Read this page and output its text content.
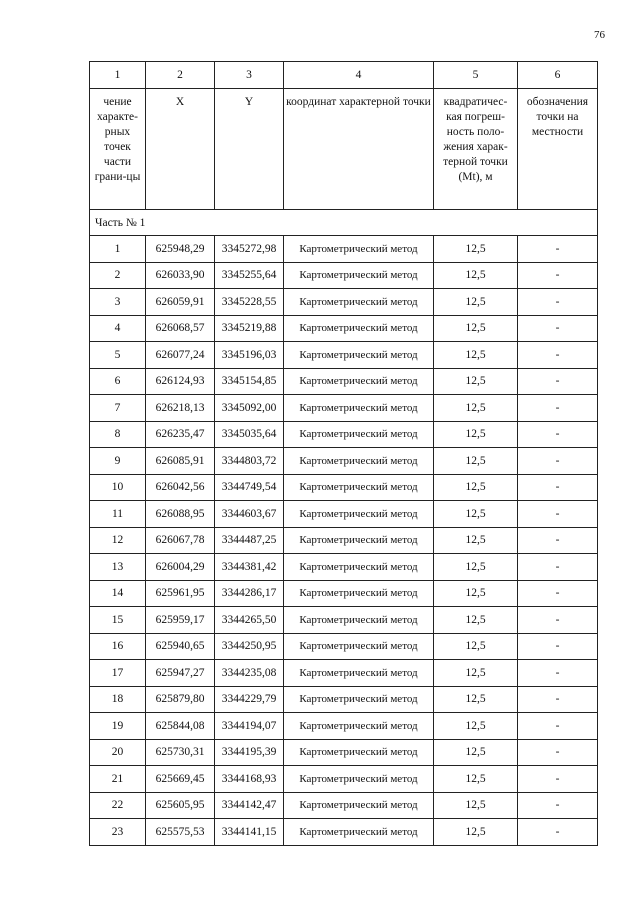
76
1	2	3	4	5	6
чение характе-рных точек части грани-цы	X	Y	координат характерной точки	квадратичес-кая погреш-ность поло-жения харак-терной точки (Mt), м	обозначения точки на местности
Часть № 1					
1	625948,29	3345272,98	Картометрический метод	12,5	-
2	626033,90	3345255,64	Картометрический метод	12,5	-
3	626059,91	3345228,55	Картометрический метод	12,5	-
4	626068,57	3345219,88	Картометрический метод	12,5	-
5	626077,24	3345196,03	Картометрический метод	12,5	-
6	626124,93	3345154,85	Картометрический метод	12,5	-
7	626218,13	3345092,00	Картометрический метод	12,5	-
8	626235,47	3345035,64	Картометрический метод	12,5	-
9	626085,91	3344803,72	Картометрический метод	12,5	-
10	626042,56	3344749,54	Картометрический метод	12,5	-
11	626088,95	3344603,67	Картометрический метод	12,5	-
12	626067,78	3344487,25	Картометрический метод	12,5	-
13	626004,29	3344381,42	Картометрический метод	12,5	-
14	625961,95	3344286,17	Картометрический метод	12,5	-
15	625959,17	3344265,50	Картометрический метод	12,5	-
16	625940,65	3344250,95	Картометрический метод	12,5	-
17	625947,27	3344235,08	Картометрический метод	12,5	-
18	625879,80	3344229,79	Картометрический метод	12,5	-
19	625844,08	3344194,07	Картометрический метод	12,5	-
20	625730,31	3344195,39	Картометрический метод	12,5	-
21	625669,45	3344168,93	Картометрический метод	12,5	-
22	625605,95	3344142,47	Картометрический метод	12,5	-
23	625575,53	3344141,15	Картометрический метод	12,5	-
